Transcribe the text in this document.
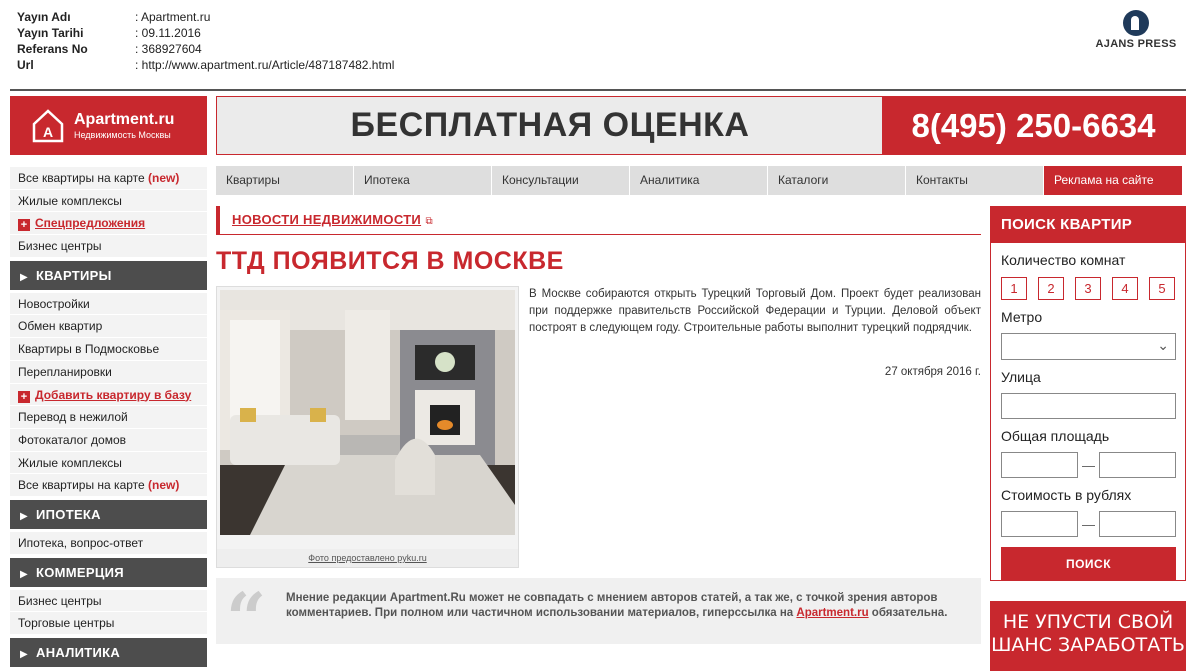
Yayın Adı	: Apartment.ru
Yayın Tarihi	: 09.11.2016
Referans No	: 368927604
Url	: http://www.apartment.ru/Article/487187482.html
AJANS PRESS
A
Apartment.ru
Недвижимость Москвы	БЕСПЛАТНАЯ ОЦЕНКА	8(495) 250-6634
Квартиры	Ипотека	Консультации	Аналитика	Каталоги	Контакты	Реклама на сайте
Все квартиры на карте (new)
Жилые комплексы
+ Спецпредложения
Бизнес центры
▶ КВАРТИРЫ
Новостройки
Обмен квартир
Квартиры в Подмосковье
Перепланировки
+ Добавить квартиру в базу
Перевод в нежилой
Фотокаталог домов
Жилые комплексы
Все квартиры на карте (new)
▶ ИПОТЕКА
Ипотека, вопрос-ответ
▶ КОММЕРЦИЯ
Бизнес центры
Торговые центры
▶ АНАЛИТИКА
НОВОСТИ НЕДВИЖИМОСТИ ⧉
ТТД ПОЯВИТСЯ В МОСКВЕ
Фото предоставлено pyku.ru
В Москве собираются открыть Турецкий Торговый Дом. Проект будет реализован при поддержке правительств Российской Федерации и Турции. Деловой объект построят в следующем году. Строительные работы выполнит турецкий подрядчик.
27 октября 2016 г.
“ Мнение редакции Apartment.Ru может не совпадать с мнением авторов статей, а так же, с точкой зрения авторов комментариев. При полном или частичном использовании материалов, гиперссылка на Apartment.ru обязательна.
ПОИСК КВАРТИР
Количество комнат
1	2	3	4	5
Метро
⌄
Улица
Общая площадь
—
Стоимость в рублях
—
ПОИСК
НЕ УПУСТИ СВОЙ
ШАНС ЗАРАБОТАТЬ
